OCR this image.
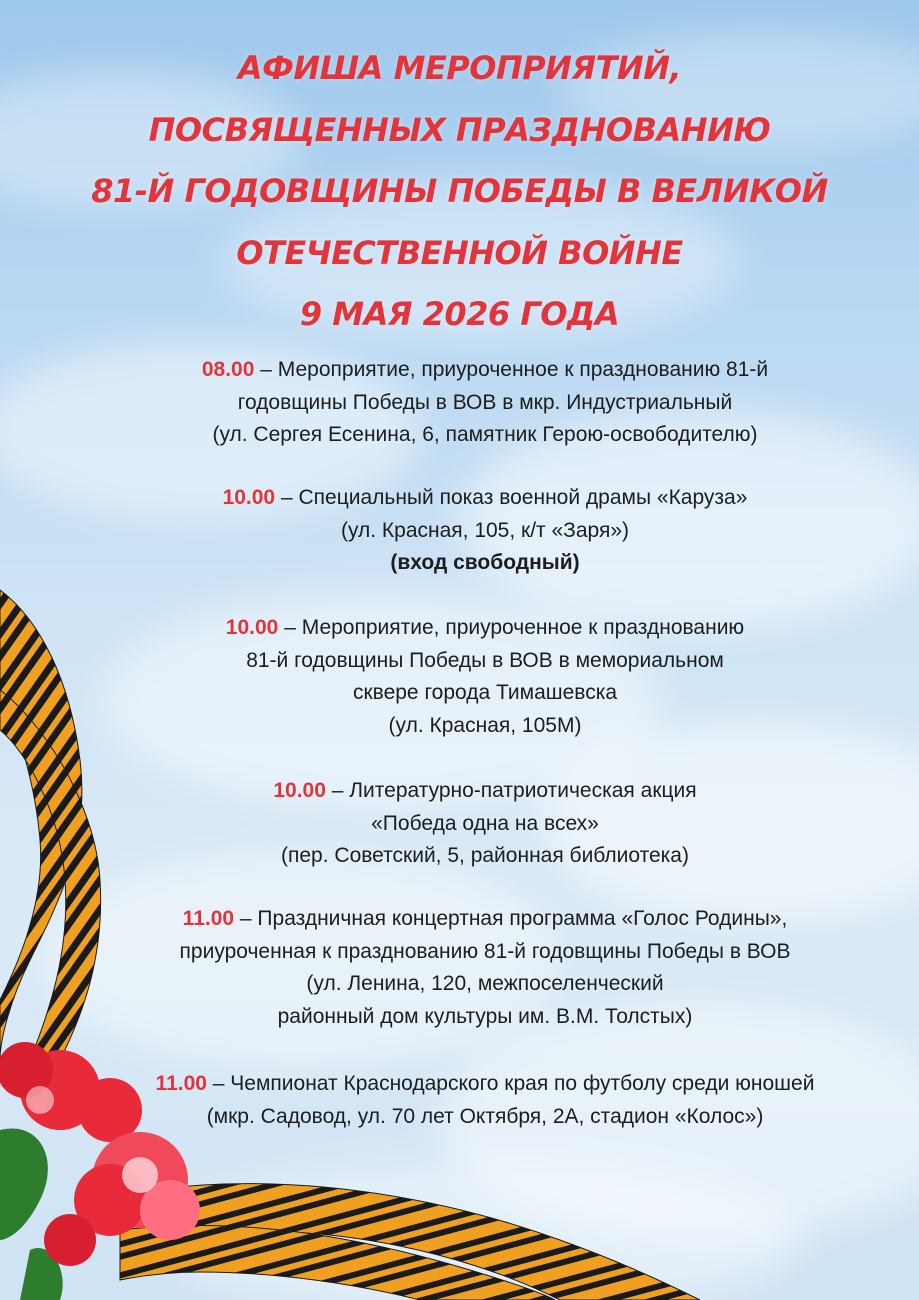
АФИША МЕРОПРИЯТИЙ,
ПОСВЯЩЕННЫХ ПРАЗДНОВАНИЮ
81-Й ГОДОВЩИНЫ ПОБЕДЫ В ВЕЛИКОЙ
ОТЕЧЕСТВЕННОЙ ВОЙНЕ
9 МАЯ 2026 ГОДА
08.00 – Мероприятие, приуроченное к празднованию 81-й
годовщины Победы в ВОВ в мкр. Индустриальный
(ул. Сергея Есенина, 6, памятник Герою-освободителю)
10.00 – Специальный показ военной драмы «Каруза»
(ул. Красная, 105, к/т «Заря»)
(вход свободный)
10.00 – Мероприятие, приуроченное к празднованию
81-й годовщины Победы в ВОВ в мемориальном
сквере города Тимашевска
(ул. Красная, 105М)
10.00 – Литературно-патриотическая акция
«Победа одна на всех»
(пер. Советский, 5, районная библиотека)
11.00 – Праздничная концертная программа «Голос Родины»,
приуроченная к празднованию 81-й годовщины Победы в ВОВ
(ул. Ленина, 120, межпоселенческий
районный дом культуры им. В.М. Толстых)
11.00 – Чемпионат Краснодарского края по футболу среди юношей
(мкр. Садовод, ул. 70 лет Октября, 2А, стадион «Колос»)
